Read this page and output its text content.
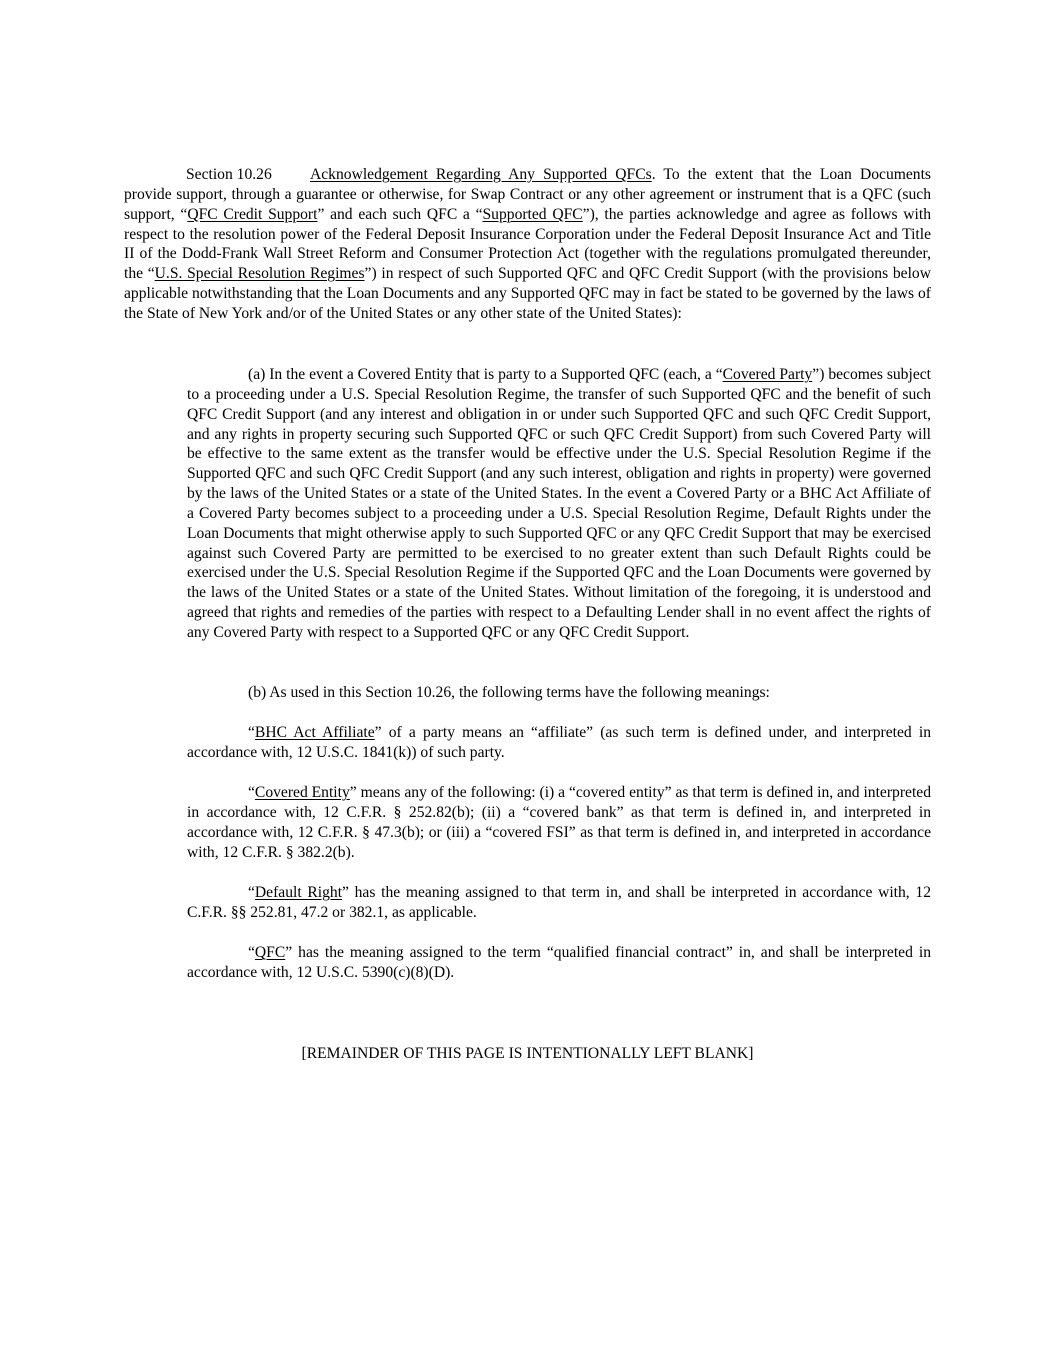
Section 10.26 Acknowledgement Regarding Any Supported QFCs. To the extent that the Loan Documents provide support, through a guarantee or otherwise, for Swap Contract or any other agreement or instrument that is a QFC (such support, “QFC Credit Support” and each such QFC a “Supported QFC”), the parties acknowledge and agree as follows with respect to the resolution power of the Federal Deposit Insurance Corporation under the Federal Deposit Insurance Act and Title II of the Dodd-Frank Wall Street Reform and Consumer Protection Act (together with the regulations promulgated thereunder, the “U.S. Special Resolution Regimes”) in respect of such Supported QFC and QFC Credit Support (with the provisions below applicable notwithstanding that the Loan Documents and any Supported QFC may in fact be stated to be governed by the laws of the State of New York and/or of the United States or any other state of the United States):

(a) In the event a Covered Entity that is party to a Supported QFC (each, a “Covered Party”) becomes subject to a proceeding under a U.S. Special Resolution Regime, the transfer of such Supported QFC and the benefit of such QFC Credit Support (and any interest and obligation in or under such Supported QFC and such QFC Credit Support, and any rights in property securing such Supported QFC or such QFC Credit Support) from such Covered Party will be effective to the same extent as the transfer would be effective under the U.S. Special Resolution Regime if the Supported QFC and such QFC Credit Support (and any such interest, obligation and rights in property) were governed by the laws of the United States or a state of the United States. In the event a Covered Party or a BHC Act Affiliate of a Covered Party becomes subject to a proceeding under a U.S. Special Resolution Regime, Default Rights under the Loan Documents that might otherwise apply to such Supported QFC or any QFC Credit Support that may be exercised against such Covered Party are permitted to be exercised to no greater extent than such Default Rights could be exercised under the U.S. Special Resolution Regime if the Supported QFC and the Loan Documents were governed by the laws of the United States or a state of the United States. Without limitation of the foregoing, it is understood and agreed that rights and remedies of the parties with respect to a Defaulting Lender shall in no event affect the rights of any Covered Party with respect to a Supported QFC or any QFC Credit Support.

(b) As used in this Section 10.26, the following terms have the following meanings:

“BHC Act Affiliate” of a party means an “affiliate” (as such term is defined under, and interpreted in accordance with, 12 U.S.C. 1841(k)) of such party.

“Covered Entity” means any of the following: (i) a “covered entity” as that term is defined in, and interpreted in accordance with, 12 C.F.R. § 252.82(b); (ii) a “covered bank” as that term is defined in, and interpreted in accordance with, 12 C.F.R. § 47.3(b); or (iii) a “covered FSI” as that term is defined in, and interpreted in accordance with, 12 C.F.R. § 382.2(b).

“Default Right” has the meaning assigned to that term in, and shall be interpreted in accordance with, 12 C.F.R. §§ 252.81, 47.2 or 382.1, as applicable.

“QFC” has the meaning assigned to the term “qualified financial contract” in, and shall be interpreted in accordance with, 12 U.S.C. 5390(c)(8)(D).

[REMAINDER OF THIS PAGE IS INTENTIONALLY LEFT BLANK]
